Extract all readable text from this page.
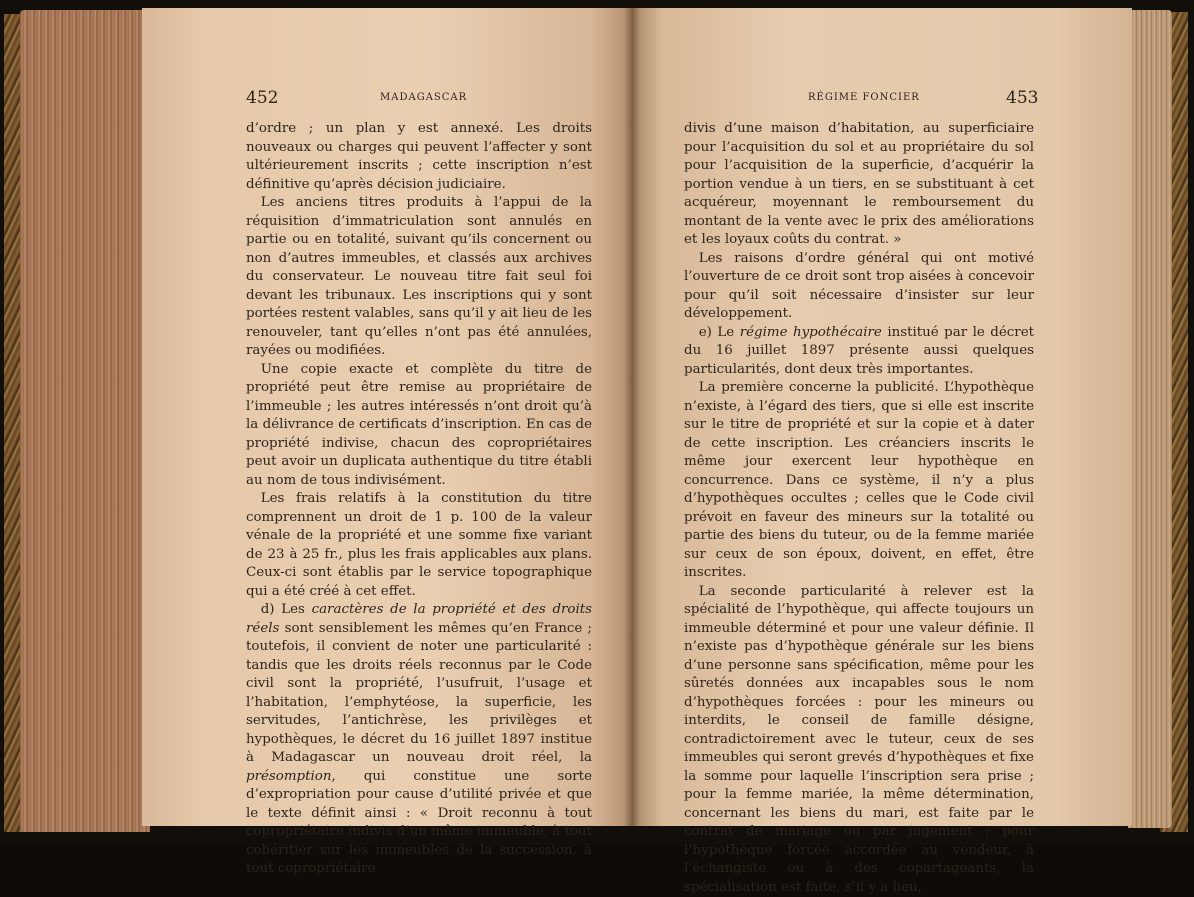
452	MADAGASCAR

d’ordre ; un plan y est annexé. Les droits nouveaux ou charges qui peuvent l’affecter y sont ultérieurement inscrits ; cette inscription n’est définitive qu’après décision judiciaire.

Les anciens titres produits à l’appui de la réquisition d’immatriculation sont annulés en partie ou en totalité, suivant qu’ils concernent ou non d’autres immeubles, et classés aux archives du conservateur. Le nouveau titre fait seul foi devant les tribunaux. Les inscriptions qui y sont portées restent valables, sans qu’il y ait lieu de les renouveler, tant qu’elles n’ont pas été annulées, rayées ou modifiées.

Une copie exacte et complète du titre de propriété peut être remise au propriétaire de l’immeuble ; les autres intéressés n’ont droit qu’à la délivrance de certificats d’inscription. En cas de propriété indivise, chacun des copropriétaires peut avoir un duplicata authentique du titre établi au nom de tous indivisément.

Les frais relatifs à la constitution du titre comprennent un droit de 1 p. 100 de la valeur vénale de la propriété et une somme fixe variant de 23 à 25 fr., plus les frais applicables aux plans. Ceux-ci sont établis par le service topographique qui a été créé à cet effet.

d) Les caractères de la propriété et des droits réels sont sensiblement les mêmes qu’en France ; toutefois, il convient de noter une particularité : tandis que les droits réels reconnus par le Code civil sont la propriété, l’usufruit, l’usage et l’habitation, l’emphytéose, la superficie, les servitudes, l’antichrèse, les privilèges et hypothèques, le décret du 16 juillet 1897 institue à Madagascar un nouveau droit réel, la présomption, qui constitue une sorte d’expropriation pour cause d’utilité privée et que le texte définit ainsi : « Droit reconnu à tout copropriétaire indivis d’un même immeuble, à tout cohéritier sur les immeubles de la succession, à tout copropriétaire

RÉGIME FONCIER	453

divis d’une maison d’habitation, au superficiaire pour l’acquisition du sol et au propriétaire du sol pour l’acquisition de la superficie, d’acquérir la portion vendue à un tiers, en se substituant à cet acquéreur, moyennant le remboursement du montant de la vente avec le prix des améliorations et les loyaux coûts du contrat. »

Les raisons d’ordre général qui ont motivé l’ouverture de ce droit sont trop aisées à concevoir pour qu’il soit nécessaire d’insister sur leur développement.

e) Le régime hypothécaire institué par le décret du 16 juillet 1897 présente aussi quelques particularités, dont deux très importantes.

La première concerne la publicité. L’hypothèque n’existe, à l’égard des tiers, que si elle est inscrite sur le titre de propriété et sur la copie et à dater de cette inscription. Les créanciers inscrits le même jour exercent leur hypothèque en concurrence. Dans ce système, il n’y a plus d’hypothèques occultes ; celles que le Code civil prévoit en faveur des mineurs sur la totalité ou partie des biens du tuteur, ou de la femme mariée sur ceux de son époux, doivent, en effet, être inscrites.

La seconde particularité à relever est la spécialité de l’hypothèque, qui affecte toujours un immeuble déterminé et pour une valeur définie. Il n’existe pas d’hypothèque générale sur les biens d’une personne sans spécification, même pour les sûretés données aux incapables sous le nom d’hypothèques forcées : pour les mineurs ou interdits, le conseil de famille désigne, contradictoirement avec le tuteur, ceux de ses immeubles qui seront grevés d’hypothèques et fixe la somme pour laquelle l’inscription sera prise ; pour la femme mariée, la même détermination, concernant les biens du mari, est faite par le contrat de mariage ou par jugement ; pour l’hypothèque forcée accordée au vendeur, à l’échangiste ou à des copartageants, la spécialisation est faite, s’il y a lieu,
